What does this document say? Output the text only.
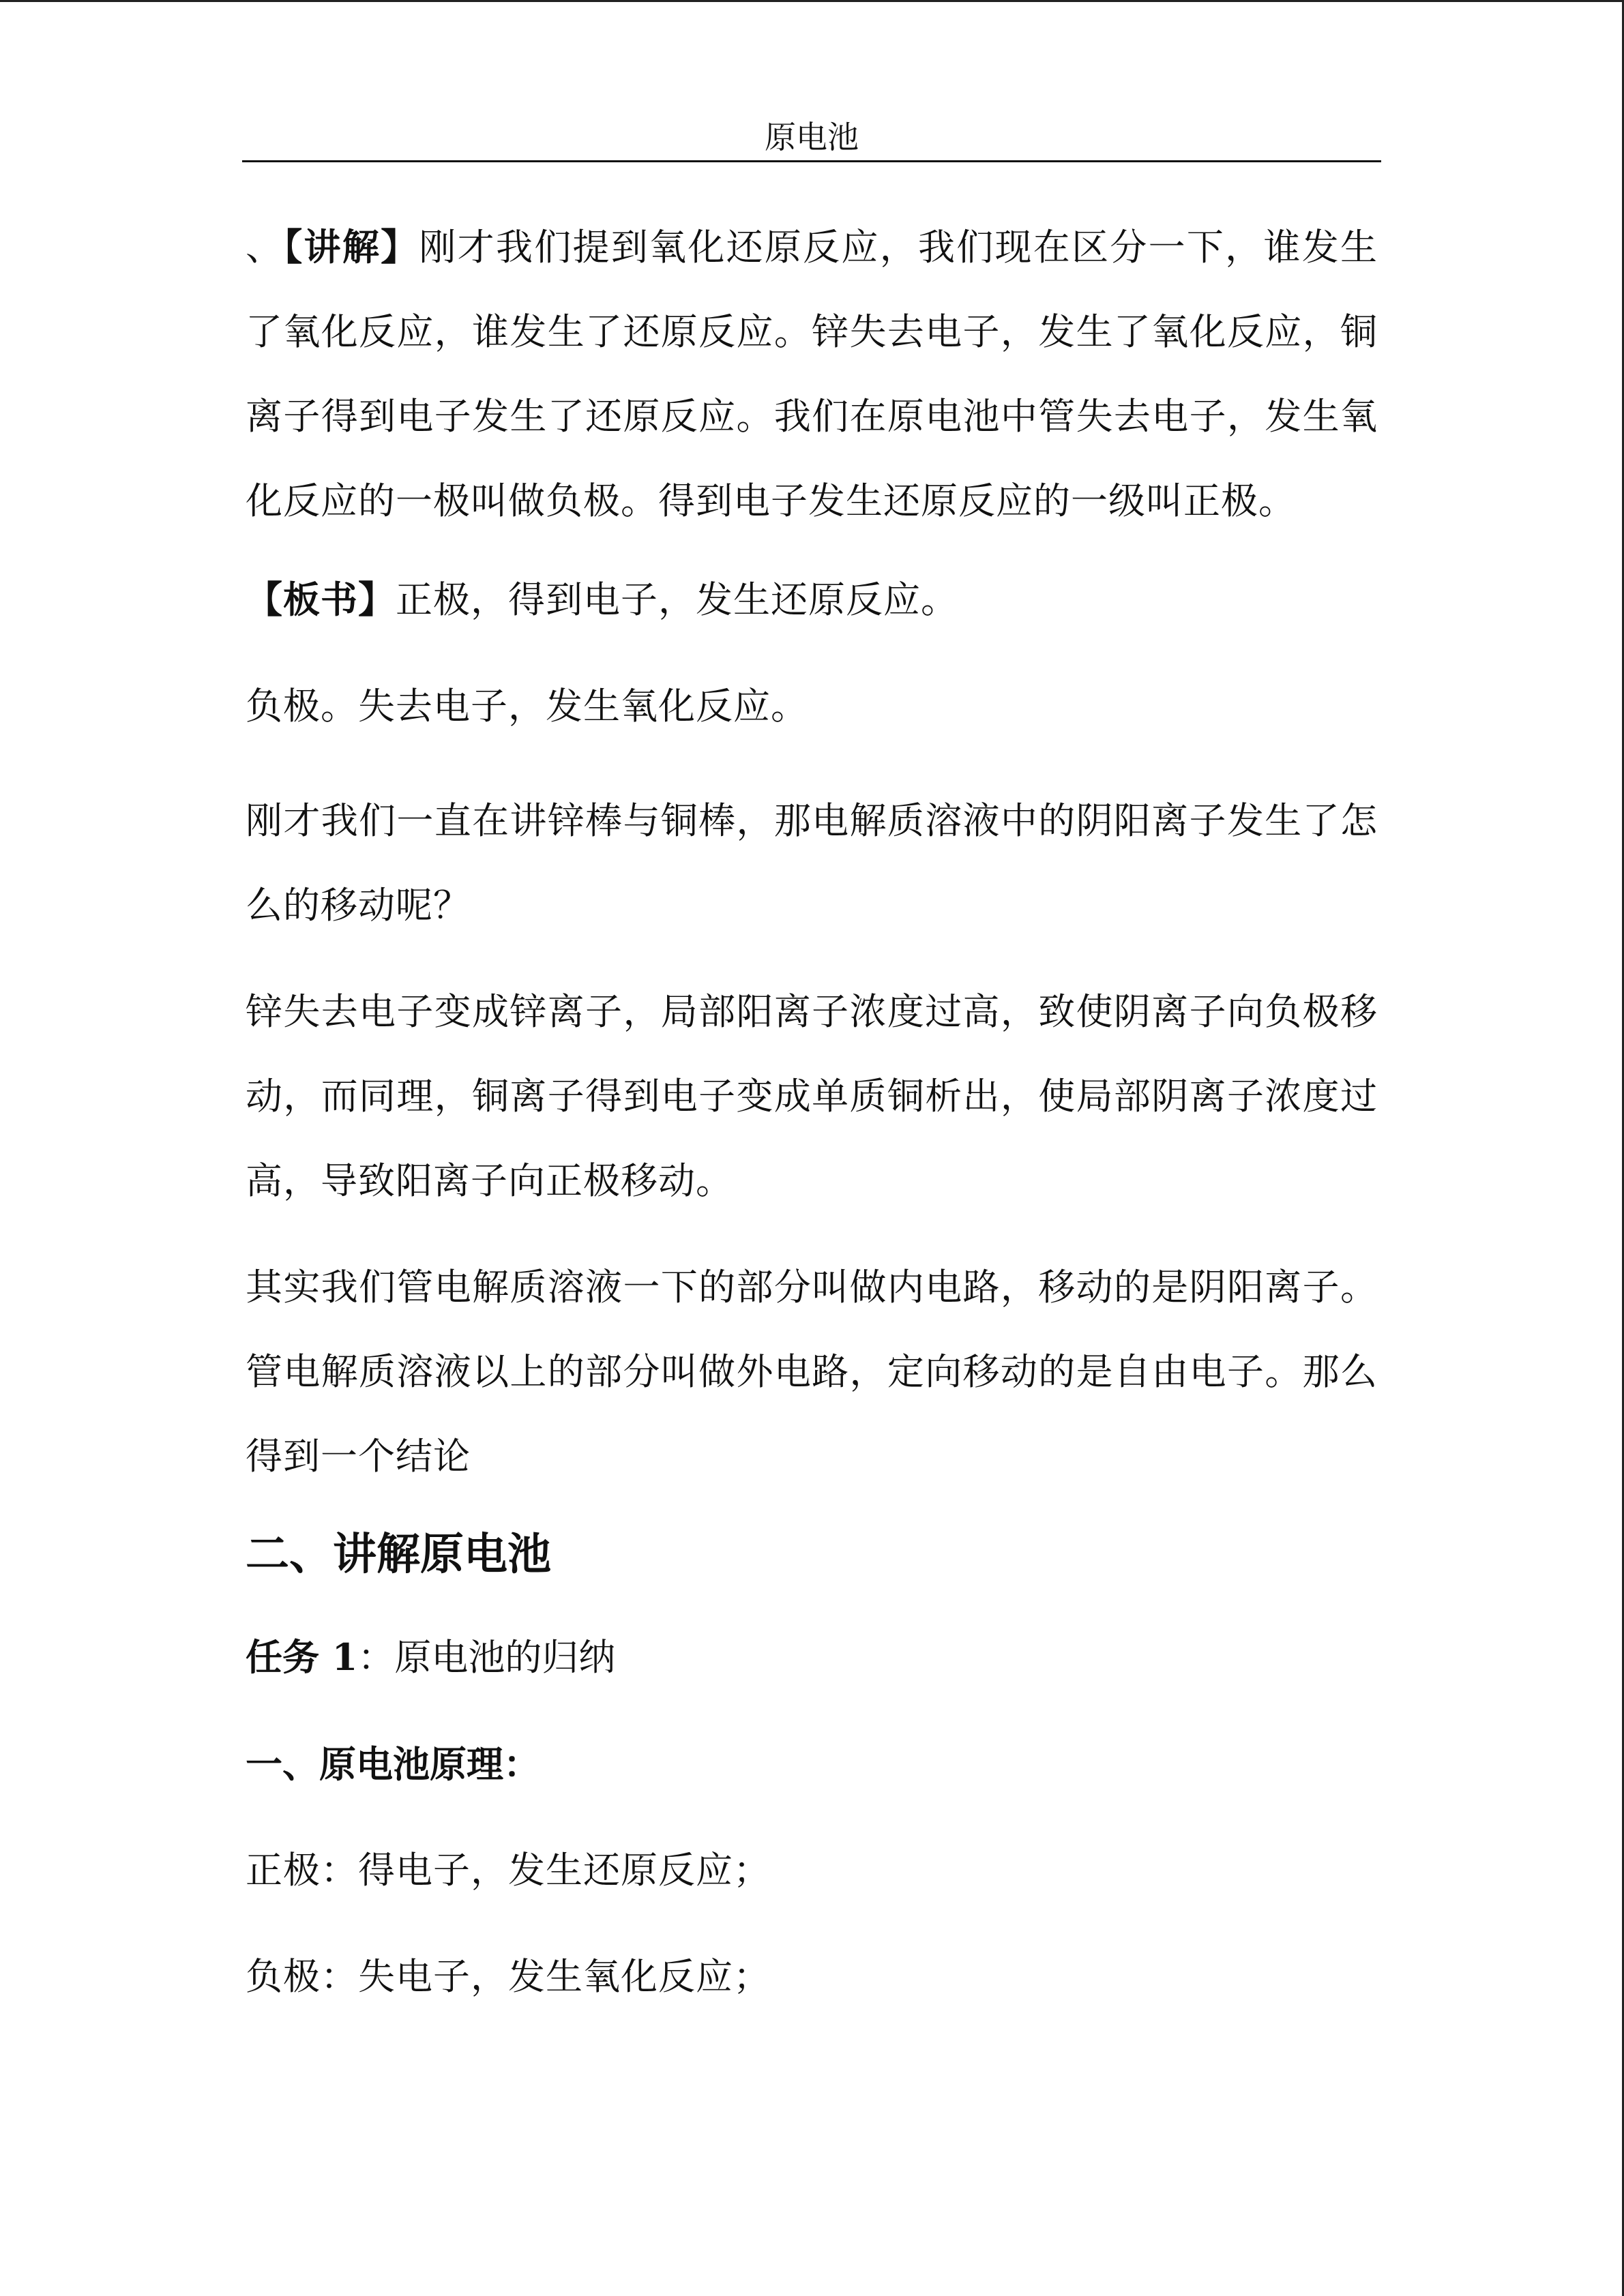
原电池

、【讲解】刚才我们提到氧化还原反应，我们现在区分一下，谁发生了氧化反应，谁发生了还原反应。锌失去电子，发生了氧化反应，铜离子得到电子发生了还原反应。我们在原电池中管失去电子，发生氧化反应的一极叫做负极。得到电子发生还原反应的一级叫正极。

【板书】正极，得到电子，发生还原反应。

负极。失去电子，发生氧化反应。

刚才我们一直在讲锌棒与铜棒，那电解质溶液中的阴阳离子发生了怎么的移动呢？

锌失去电子变成锌离子，局部阳离子浓度过高，致使阴离子向负极移动，而同理，铜离子得到电子变成单质铜析出，使局部阴离子浓度过高，导致阳离子向正极移动。

其实我们管电解质溶液一下的部分叫做内电路，移动的是阴阳离子。管电解质溶液以上的部分叫做外电路，定向移动的是自由电子。那么得到一个结论

二、讲解原电池

任务 1：原电池的归纳

一、原电池原理：

正极：得电子，发生还原反应；

负极：失电子，发生氧化反应；
